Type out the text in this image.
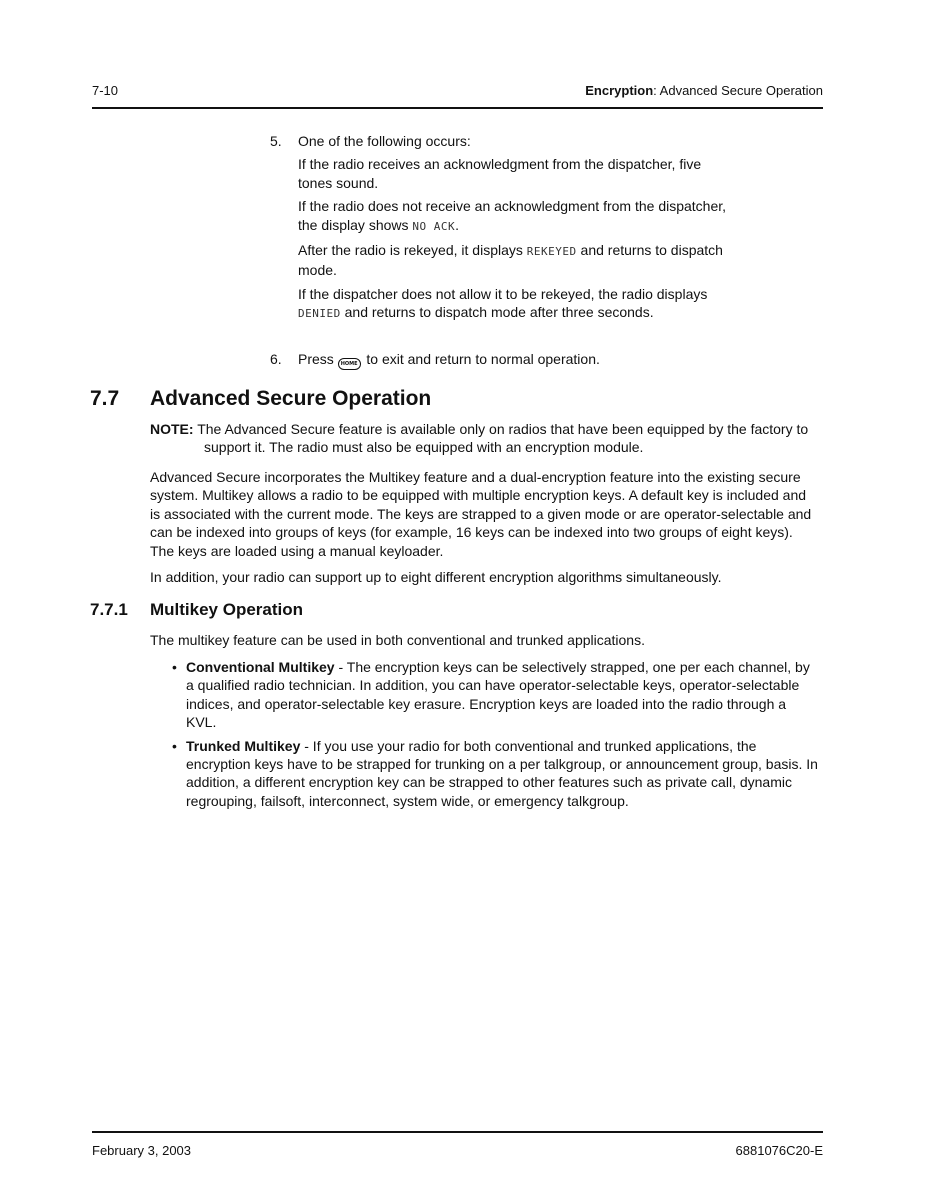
7-10	Encryption: Advanced Secure Operation
5. One of the following occurs:

If the radio receives an acknowledgment from the dispatcher, five tones sound.

If the radio does not receive an acknowledgment from the dispatcher, the display shows NO ACK.

After the radio is rekeyed, it displays REKEYED and returns to dispatch mode.

If the dispatcher does not allow it to be rekeyed, the radio displays DENIED and returns to dispatch mode after three seconds.

6. Press HOME to exit and return to normal operation.

7.7 Advanced Secure Operation
NOTE: The Advanced Secure feature is available only on radios that have been equipped by the factory to support it. The radio must also be equipped with an encryption module.

Advanced Secure incorporates the Multikey feature and a dual-encryption feature into the existing secure system. Multikey allows a radio to be equipped with multiple encryption keys. A default key is included and is associated with the current mode. The keys are strapped to a given mode or are operator-selectable and can be indexed into groups of keys (for example, 16 keys can be indexed into two groups of eight keys). The keys are loaded using a manual keyloader.

In addition, your radio can support up to eight different encryption algorithms simultaneously.

7.7.1 Multikey Operation

The multikey feature can be used in both conventional and trunked applications.

• Conventional Multikey - The encryption keys can be selectively strapped, one per each channel, by a qualified radio technician. In addition, you can have operator-selectable keys, operator-selectable indices, and operator-selectable key erasure. Encryption keys are loaded into the radio through a KVL.
• Trunked Multikey - If you use your radio for both conventional and trunked applications, the encryption keys have to be strapped for trunking on a per talkgroup, or announcement group, basis. In addition, a different encryption key can be strapped to other features such as private call, dynamic regrouping, failsoft, interconnect, system wide, or emergency talkgroup.
February 3, 2003	6881076C20-E
